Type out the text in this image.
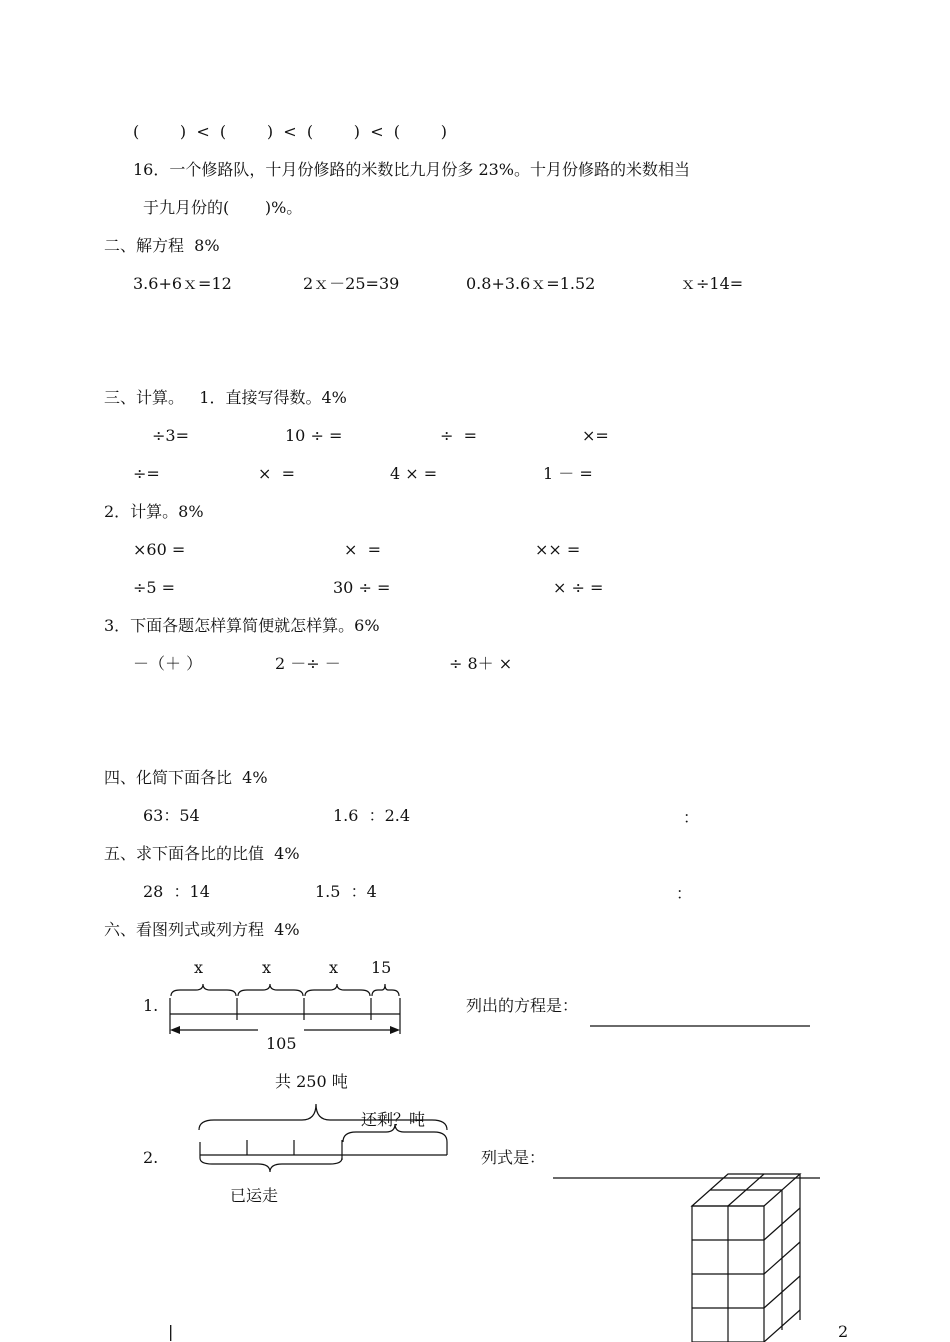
(        )  <  (        )  <  (        )  <  (        )
16．一个修路队，十月份修路的米数比九月份多 23%。十月份修路的米数相当
于九月份的(       )%。
二、解方程  8%
3.6+6ｘ=12	2ｘ－25=39	0.8+3.6ｘ=1.52	ｘ÷14=
三、计算。   1．直接写得数。4%
÷3=	10 ÷ =	÷  =	×=
÷=	×  =	4 × =	1 － =
2．计算。8%
×60 =	×  =	×× =
÷5 =	30 ÷ =	× ÷ =
3．下面各题怎样算简便就怎样算。6%
－（＋ ）	2 －÷ －	÷ 8＋ ×
四、化简下面各比  4%
63：54	1.6  ：2.4	：
五、求下面各比的比值  4%
28  ：14	1.5  ：4	：
六、看图列式或列方程  4%
x	x	x 15
1.	列出的方程是：
105
共 250 吨
还剩？吨
2.	列式是：
已运走
2
|
